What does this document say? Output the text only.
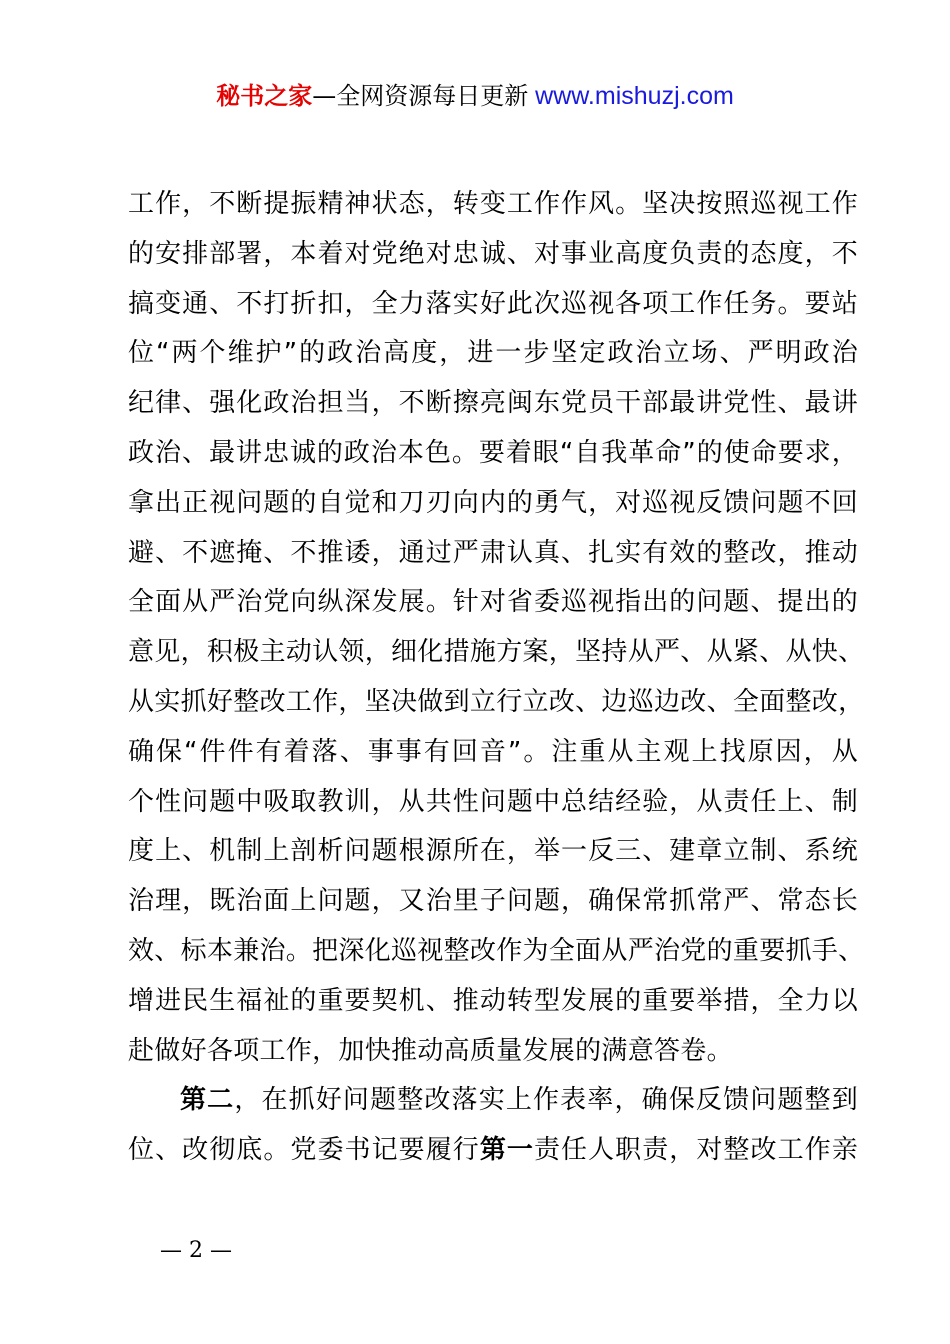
秘书之家—全网资源每日更新 www.mishuzj.com
工作，不断提振精神状态，转变工作作风。坚决按照巡视工作
的安排部署，本着对党绝对忠诚、对事业高度负责的态度，不
搞变通、不打折扣，全力落实好此次巡视各项工作任务。要站
位“两个维护”的政治高度，进一步坚定政治立场、严明政治
纪律、强化政治担当，不断擦亮闽东党员干部最讲党性、最讲
政治、最讲忠诚的政治本色。要着眼“自我革命”的使命要求，
拿出正视问题的自觉和刀刃向内的勇气，对巡视反馈问题不回
避、不遮掩、不推诿，通过严肃认真、扎实有效的整改，推动
全面从严治党向纵深发展。针对省委巡视指出的问题、提出的
意见，积极主动认领，细化措施方案，坚持从严、从紧、从快、
从实抓好整改工作，坚决做到立行立改、边巡边改、全面整改，
确保“件件有着落、事事有回音”。注重从主观上找原因，从
个性问题中吸取教训，从共性问题中总结经验，从责任上、制
度上、机制上剖析问题根源所在，举一反三、建章立制、系统
治理，既治面上问题，又治里子问题，确保常抓常严、常态长
效、标本兼治。把深化巡视整改作为全面从严治党的重要抓手、
增进民生福祉的重要契机、推动转型发展的重要举措，全力以
赴做好各项工作，加快推动高质量发展的满意答卷。
第二，在抓好问题整改落实上作表率，确保反馈问题整到
位、改彻底。党委书记要履行第一责任人职责，对整改工作亲
— 2 —
